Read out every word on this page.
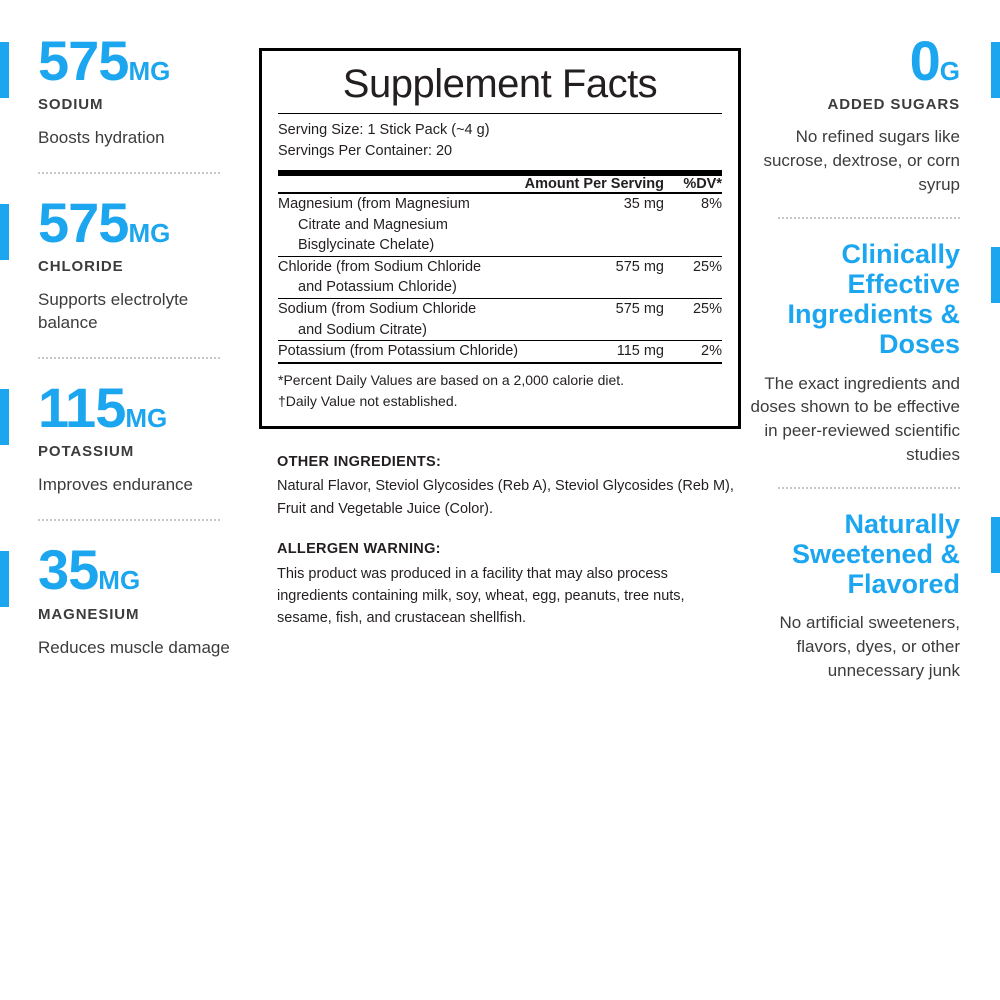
575MG
SODIUM
Boosts hydration
575MG
CHLORIDE
Supports electrolyte balance
115MG
POTASSIUM
Improves endurance
35MG
MAGNESIUM
Reduces muscle damage
Supplement Facts
Serving Size: 1 Stick Pack (~4 g)
Servings Per Container: 20
	Amount Per Serving	%DV*
Magnesium (from Magnesium
Citrate and Magnesium
Bisglycinate Chelate)
	35 mg	8%
Chloride (from Sodium Chloride
and Potassium Chloride)
	575 mg	25%
Sodium (from Sodium Chloride
and Sodium Citrate)
	575 mg	25%
Potassium (from Potassium Chloride)	115 mg	2%
*Percent Daily Values are based on a 2,000 calorie diet.
†Daily Value not established.
OTHER INGREDIENTS:

Natural Flavor, Steviol Glycosides (Reb A), Steviol Glycosides (Reb M), Fruit and Vegetable Juice (Color).

ALLERGEN WARNING:

This product was produced in a facility that may also process ingredients containing milk, soy, wheat, egg, peanuts, tree nuts, sesame, fish, and crustacean shellfish.

0G
ADDED SUGARS
No refined sugars like sucrose, dextrose, or corn syrup
Clinically Effective Ingredients & Doses
The exact ingredients and doses shown to be effective in peer-reviewed scientific studies
Naturally Sweetened & Flavored
No artificial sweeteners, flavors, dyes, or other unnecessary junk
